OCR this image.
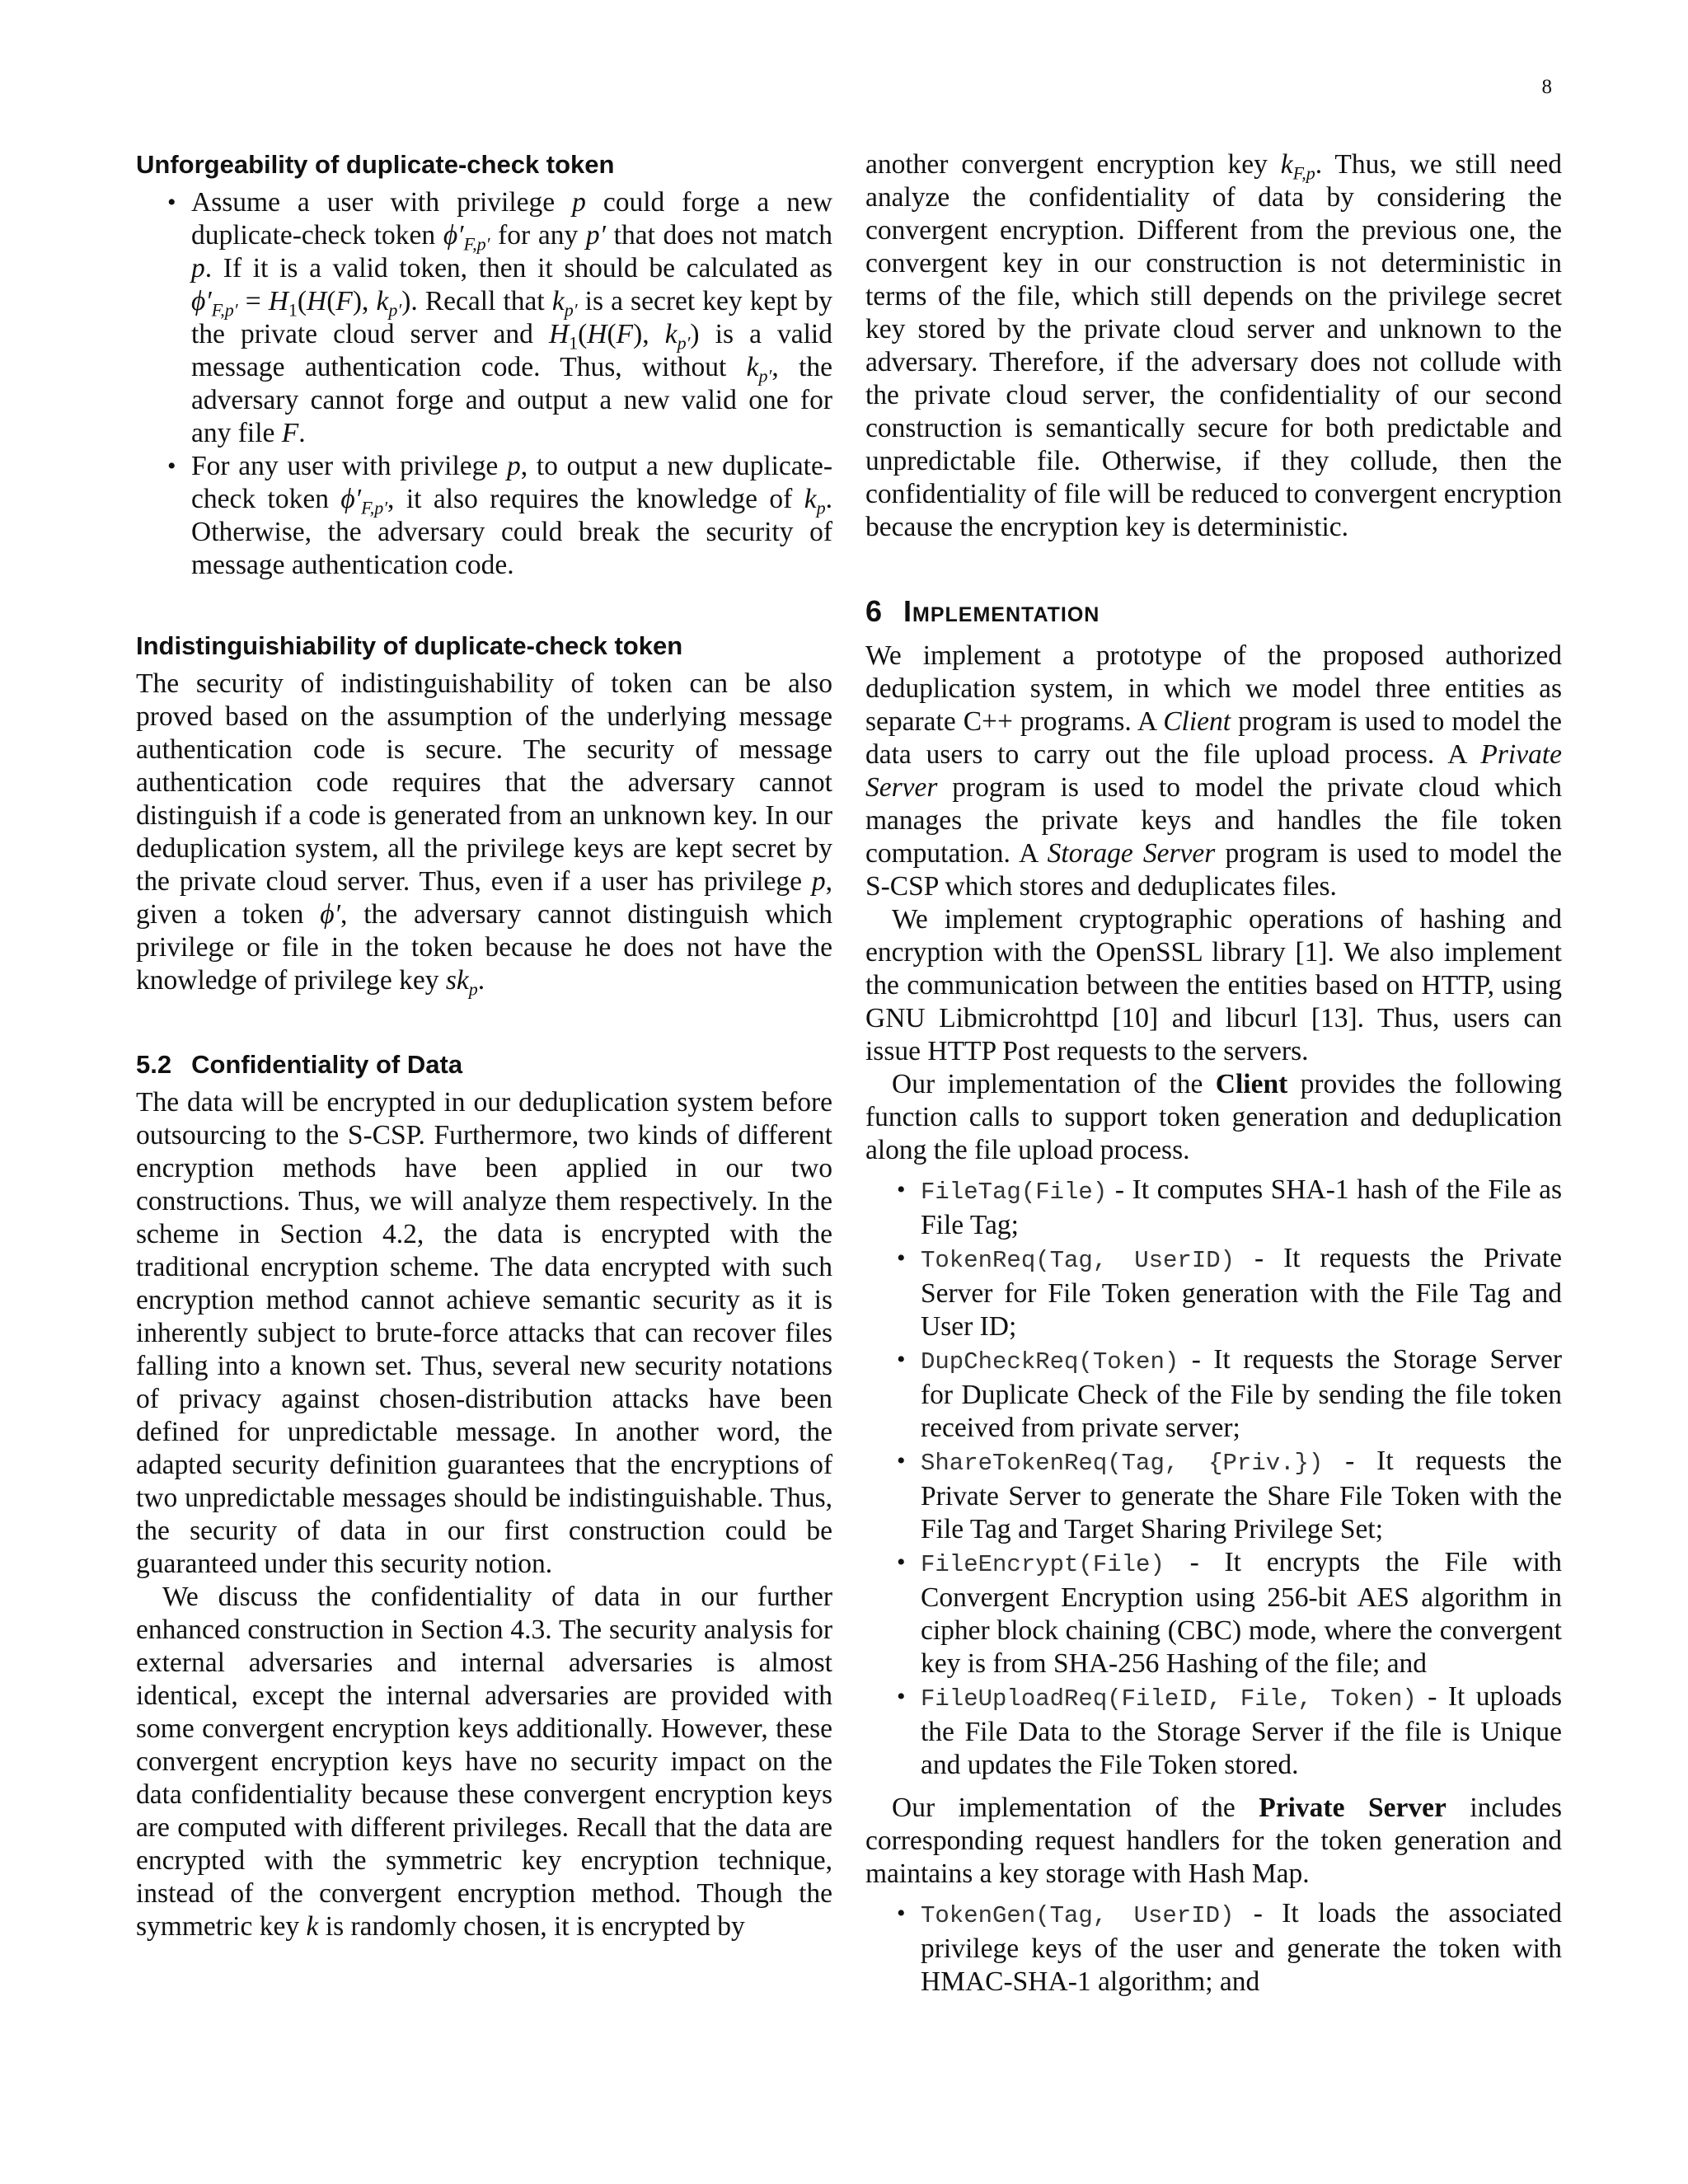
8
Unforgeability of duplicate-check token
• Assume a user with privilege p could forge a new duplicate-check token $\phi'_{F,p'}$ for any p′ that does not match p. If it is a valid token, then it should be calculated as $\phi'_{F,p'} = H_1(H(F)$, $k_{p'}$). Recall that $k_{p'}$ is a secret key kept by the private cloud server and $H_1(H(F)$, $k_{p'}$) is a valid message authentication code. Thus, without $k_{p'}$, the adversary cannot forge and output a new valid one for any file F.
• For any user with privilege p, to output a new duplicate-check token $\phi'_{F,p'}$, it also requires the knowledge of $k_p$. Otherwise, the adversary could break the security of message authentication code.
Indistinguishiability of duplicate-check token

The security of indistinguishability of token can be also proved based on the assumption of the underlying message authentication code is secure. The security of message authentication code requires that the adversary cannot distinguish if a code is generated from an unknown key. In our deduplication system, all the privilege keys are kept secret by the private cloud server. Thus, even if a user has privilege p, given a token ϕ′, the adversary cannot distinguish which privilege or file in the token because he does not have the knowledge of privilege key $sk_p$.

5.2 Confidentiality of Data

The data will be encrypted in our deduplication system before outsourcing to the S-CSP. Furthermore, two kinds of different encryption methods have been applied in our two constructions. Thus, we will analyze them respectively. In the scheme in Section 4.2, the data is encrypted with the traditional encryption scheme. The data encrypted with such encryption method cannot achieve semantic security as it is inherently subject to brute-force attacks that can recover files falling into a known set. Thus, several new security notations of privacy against chosen-distribution attacks have been defined for unpredictable message. In another word, the adapted security definition guarantees that the encryptions of two unpredictable messages should be indistinguishable. Thus, the security of data in our first construction could be guaranteed under this security notion.

We discuss the confidentiality of data in our further enhanced construction in Section 4.3. The security analysis for external adversaries and internal adversaries is almost identical, except the internal adversaries are provided with some convergent encryption keys additionally. However, these convergent encryption keys have no security impact on the data confidentiality because these convergent encryption keys are computed with different privileges. Recall that the data are encrypted with the symmetric key encryption technique, instead of the convergent encryption method. Though the symmetric key k is randomly chosen, it is encrypted by

another convergent encryption key $k_{F,p}$. Thus, we still need analyze the confidentiality of data by considering the convergent encryption. Different from the previous one, the convergent key in our construction is not deterministic in terms of the file, which still depends on the privilege secret key stored by the private cloud server and unknown to the adversary. Therefore, if the adversary does not collude with the private cloud server, the confidentiality of our second construction is semantically secure for both predictable and unpredictable file. Otherwise, if they collude, then the confidentiality of file will be reduced to convergent encryption because the encryption key is deterministic.

6 Implementation

We implement a prototype of the proposed authorized deduplication system, in which we model three entities as separate C++ programs. A Client program is used to model the data users to carry out the file upload process. A Private Server program is used to model the private cloud which manages the private keys and handles the file token computation. A Storage Server program is used to model the S-CSP which stores and deduplicates files.

We implement cryptographic operations of hashing and encryption with the OpenSSL library [1]. We also implement the communication between the entities based on HTTP, using GNU Libmicrohttpd [10] and libcurl [13]. Thus, users can issue HTTP Post requests to the servers.

Our implementation of the Client provides the following function calls to support token generation and deduplication along the file upload process.

• FileTag(File) - It computes SHA-1 hash of the File as File Tag;
• TokenReq(Tag, UserID) - It requests the Private Server for File Token generation with the File Tag and User ID;
• DupCheckReq(Token) - It requests the Storage Server for Duplicate Check of the File by sending the file token received from private server;
• ShareTokenReq(Tag, {Priv.}) - It requests the Private Server to generate the Share File Token with the File Tag and Target Sharing Privilege Set;
• FileEncrypt(File) - It encrypts the File with Convergent Encryption using 256-bit AES algorithm in cipher block chaining (CBC) mode, where the convergent key is from SHA-256 Hashing of the file; and
• FileUploadReq(FileID, File, Token) - It uploads the File Data to the Storage Server if the file is Unique and updates the File Token stored.

Our implementation of the Private Server includes corresponding request handlers for the token generation and maintains a key storage with Hash Map.

• TokenGen(Tag, UserID) - It loads the associated privilege keys of the user and generate the token with HMAC-SHA-1 algorithm; and
